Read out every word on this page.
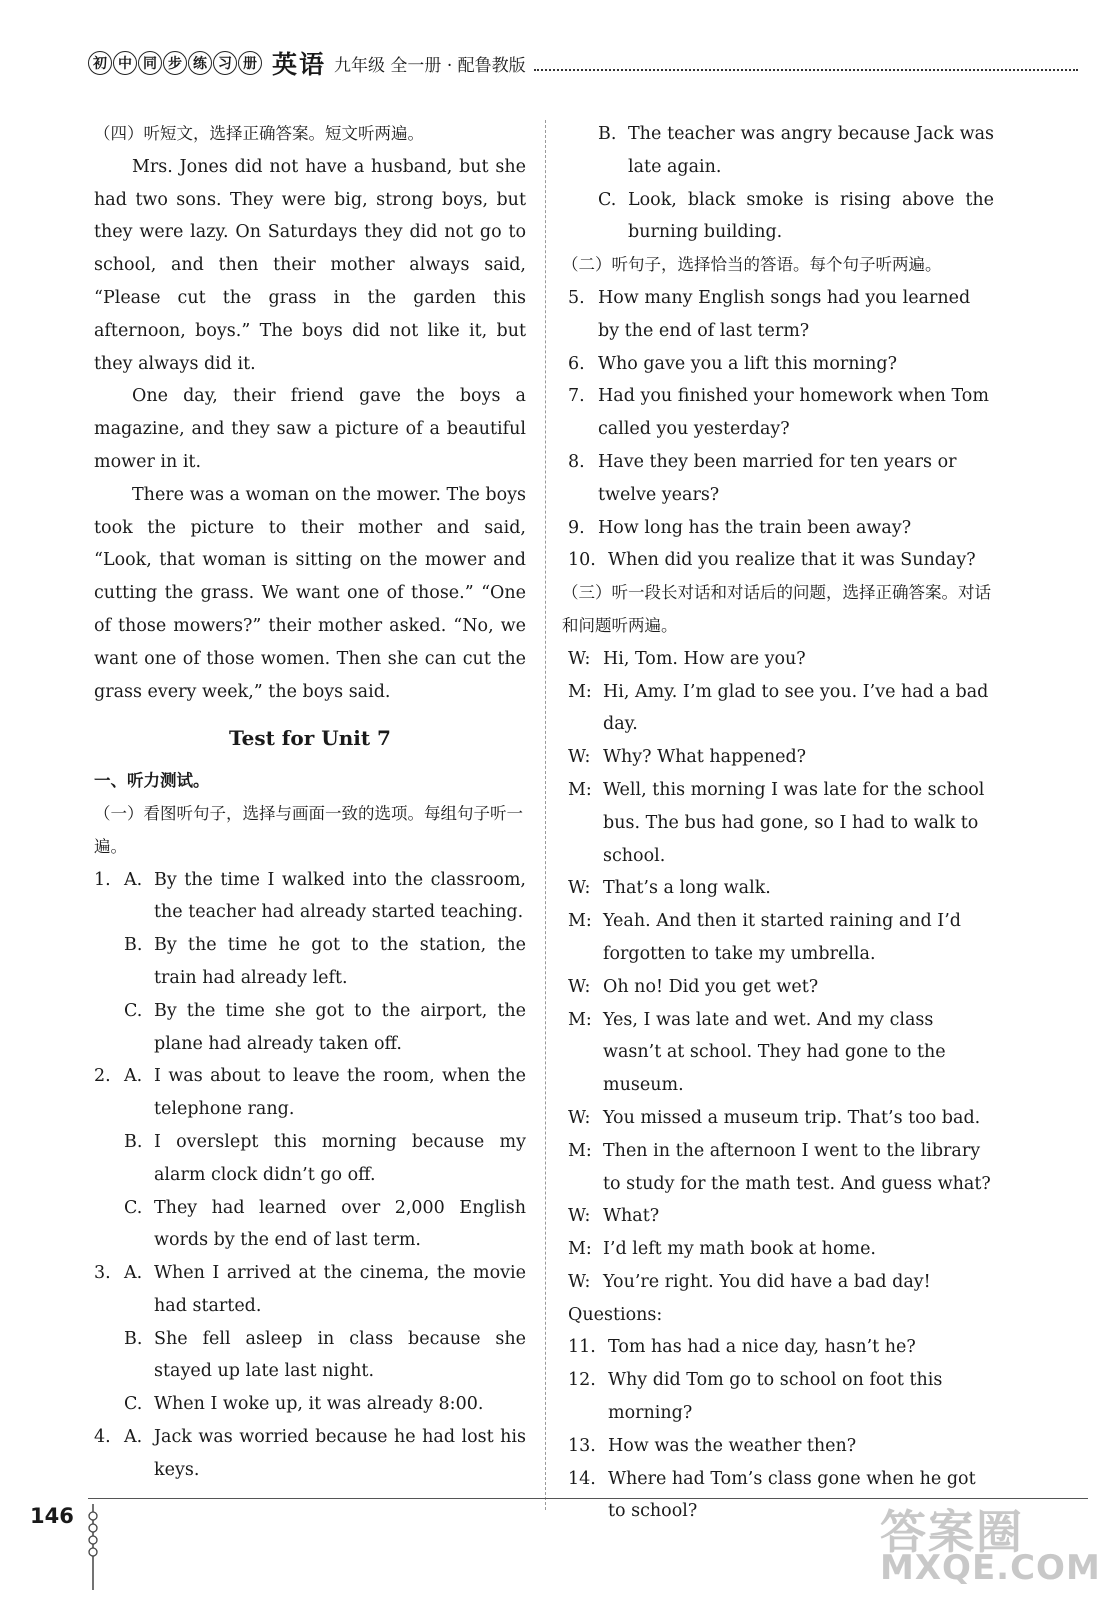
初 中 同 步 练 习 册 英语 九年级 全一册 · 配鲁教版
（四）听短文，选择正确答案。短文听两遍。
Mrs. Jones did not have a husband, but she had two sons. They were big, strong boys, but they were lazy. On Saturdays they did not go to school, and then their mother always said, “Please cut the grass in the garden this afternoon, boys.” The boys did not like it, but they always did it.
One day, their friend gave the boys a magazine, and they saw a picture of a beautiful mower in it.
There was a woman on the mower. The boys took the picture to their mother and said, “Look, that woman is sitting on the mower and cutting the grass. We want one of those.” “One of those mowers?” their mother asked. “No, we want one of those women. Then she can cut the grass every week,” the boys said.
Test for Unit 7
一、听力测试。
（一）看图听句子，选择与画面一致的选项。每组句子听一遍。
1. A. By the time I walked into the classroom, the teacher had already started teaching.
B. By the time he got to the station, the train had already left.
C. By the time she got to the airport, the plane had already taken off.
2. A. I was about to leave the room, when the telephone rang.
B. I overslept this morning because my alarm clock didn’t go off.
C. They had learned over 2,000 English words by the end of last term.
3. A. When I arrived at the cinema, the movie had started.
B. She fell asleep in class because she stayed up late last night.
C. When I woke up, it was already 8:00.
4. A. Jack was worried because he had lost his keys.
B. The teacher was angry because Jack was late again.
C. Look, black smoke is rising above the burning building.
（二）听句子，选择恰当的答语。每个句子听两遍。
5. How many English songs had you learned by the end of last term?
6. Who gave you a lift this morning?
7. Had you finished your homework when Tom called you yesterday?
8. Have they been married for ten years or twelve years?
9. How long has the train been away?
10. When did you realize that it was Sunday?
（三）听一段长对话和对话后的问题，选择正确答案。对话和问题听两遍。
W: Hi, Tom. How are you?
M: Hi, Amy. I’m glad to see you. I’ve had a bad day.
W: Why? What happened?
M: Well, this morning I was late for the school bus. The bus had gone, so I had to walk to school.
W: That’s a long walk.
M: Yeah. And then it started raining and I’d forgotten to take my umbrella.
W: Oh no! Did you get wet?
M: Yes, I was late and wet. And my class wasn’t at school. They had gone to the museum.
W: You missed a museum trip. That’s too bad.
M: Then in the afternoon I went to the library to study for the math test. And guess what?
W: What?
M: I’d left my math book at home.
W: You’re right. You did have a bad day!
Questions:
11. Tom has had a nice day, hasn’t he?
12. Why did Tom go to school on foot this morning?
13. How was the weather then?
14. Where had Tom’s class gone when he got to school?
146	答案圈
MXQE.COM
